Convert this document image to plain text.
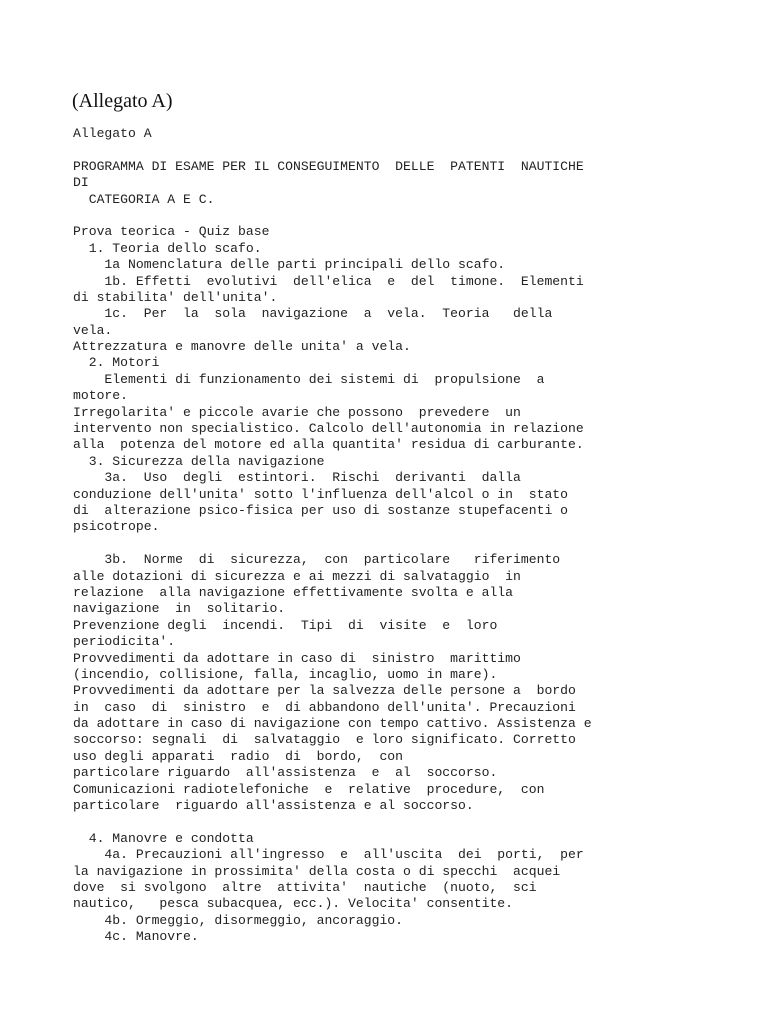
(Allegato A)
Allegato A
PROGRAMMA DI ESAME PER IL CONSEGUIMENTO  DELLE  PATENTI  NAUTICHE
DI
CATEGORIA A E C.
Prova teorica - Quiz base
1. Teoria dello scafo.
1a Nomenclatura delle parti principali dello scafo.
1b. Effetti  evolutivi  dell'elica  e  del  timone.  Elementi
di stabilita' dell'unita'.
1c.  Per  la  sola  navigazione  a  vela.  Teoria   della
vela.
Attrezzatura e manovre delle unita' a vela.
2. Motori
Elementi di funzionamento dei sistemi di  propulsione  a
motore.
Irregolarita' e piccole avarie che possono  prevedere  un
intervento non specialistico. Calcolo dell'autonomia in relazione
alla  potenza del motore ed alla quantita' residua di carburante.
3. Sicurezza della navigazione
3a.  Uso  degli  estintori.  Rischi  derivanti  dalla
conduzione dell'unita' sotto l'influenza dell'alcol o in  stato
di  alterazione psico-fisica per uso di sostanze stupefacenti o
psicotrope.
3b.  Norme  di  sicurezza,  con  particolare   riferimento
alle dotazioni di sicurezza e ai mezzi di salvataggio  in
relazione  alla navigazione effettivamente svolta e alla
navigazione  in  solitario.
Prevenzione degli  incendi.  Tipi  di  visite  e  loro
periodicita'.
Provvedimenti da adottare in caso di  sinistro  marittimo
(incendio, collisione, falla, incaglio, uomo in mare).
Provvedimenti da adottare per la salvezza delle persone a  bordo
in  caso  di  sinistro  e  di abbandono dell'unita'. Precauzioni
da adottare in caso di navigazione con tempo cattivo. Assistenza e
soccorso: segnali  di  salvataggio  e loro significato. Corretto
uso degli apparati  radio  di  bordo,  con
particolare riguardo  all'assistenza  e  al  soccorso.
Comunicazioni radiotelefoniche  e  relative  procedure,  con
particolare  riguardo all'assistenza e al soccorso.
4. Manovre e condotta
4a. Precauzioni all'ingresso  e  all'uscita  dei  porti,  per
la navigazione in prossimita' della costa o di specchi  acquei
dove  si svolgono  altre  attivita'  nautiche  (nuoto,  sci
nautico,   pesca subacquea, ecc.). Velocita' consentite.
4b. Ormeggio, disormeggio, ancoraggio.
4c. Manovre.
